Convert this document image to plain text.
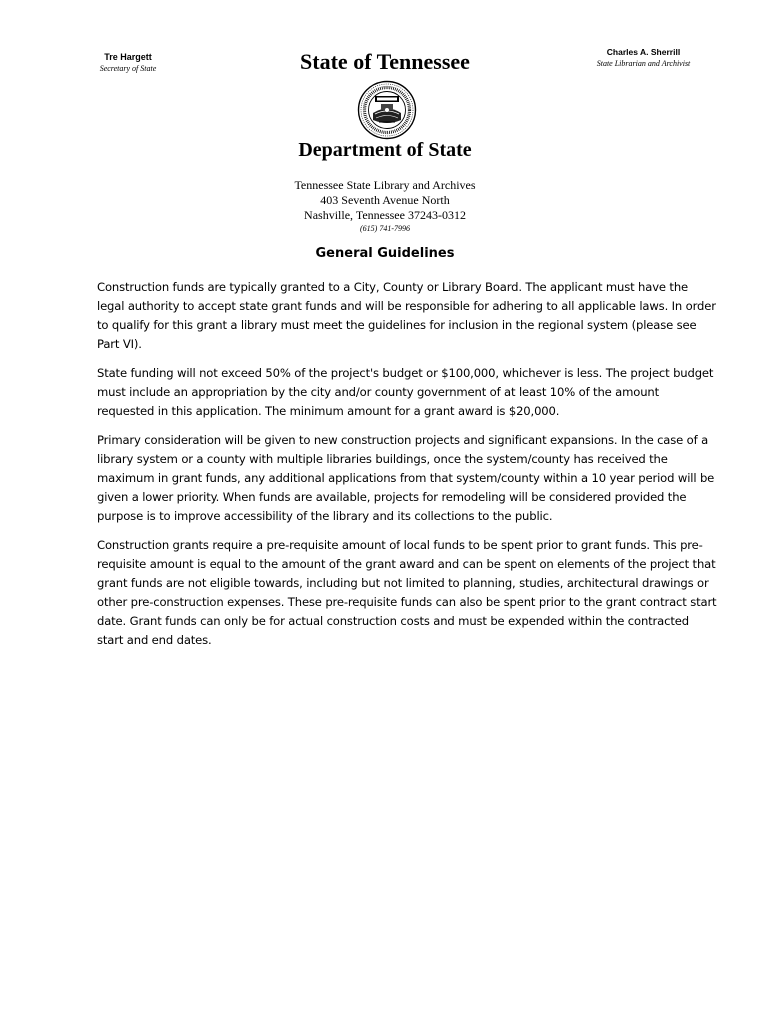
Tre Hargett
Secretary of State	State of Tennessee	Charles A. Sherrill
State Librarian and Archivist
Department of State
Tennessee State Library and Archives
403 Seventh Avenue North
Nashville, Tennessee 37243-0312
(615) 741-7996
General Guidelines

Construction funds are typically granted to a City, County or Library Board. The applicant must have the legal authority to accept state grant funds and will be responsible for adhering to all applicable laws. In order to qualify for this grant a library must meet the guidelines for inclusion in the regional system (please see Part VI).

State funding will not exceed 50% of the project's budget or $100,000, whichever is less. The project budget must include an appropriation by the city and/or county government of at least 10% of the amount requested in this application. The minimum amount for a grant award is $20,000.

Primary consideration will be given to new construction projects and significant expansions. In the case of a library system or a county with multiple libraries buildings, once the system/county has received the maximum in grant funds, any additional applications from that system/county within a 10 year period will be given a lower priority. When funds are available, projects for remodeling will be considered provided the purpose is to improve accessibility of the library and its collections to the public.

Construction grants require a pre-requisite amount of local funds to be spent prior to grant funds. This pre-requisite amount is equal to the amount of the grant award and can be spent on elements of the project that grant funds are not eligible towards, including but not limited to planning, studies, architectural drawings or other pre-construction expenses. These pre-requisite funds can also be spent prior to the grant contract start date. Grant funds can only be for actual construction costs and must be expended within the contracted start and end dates.
